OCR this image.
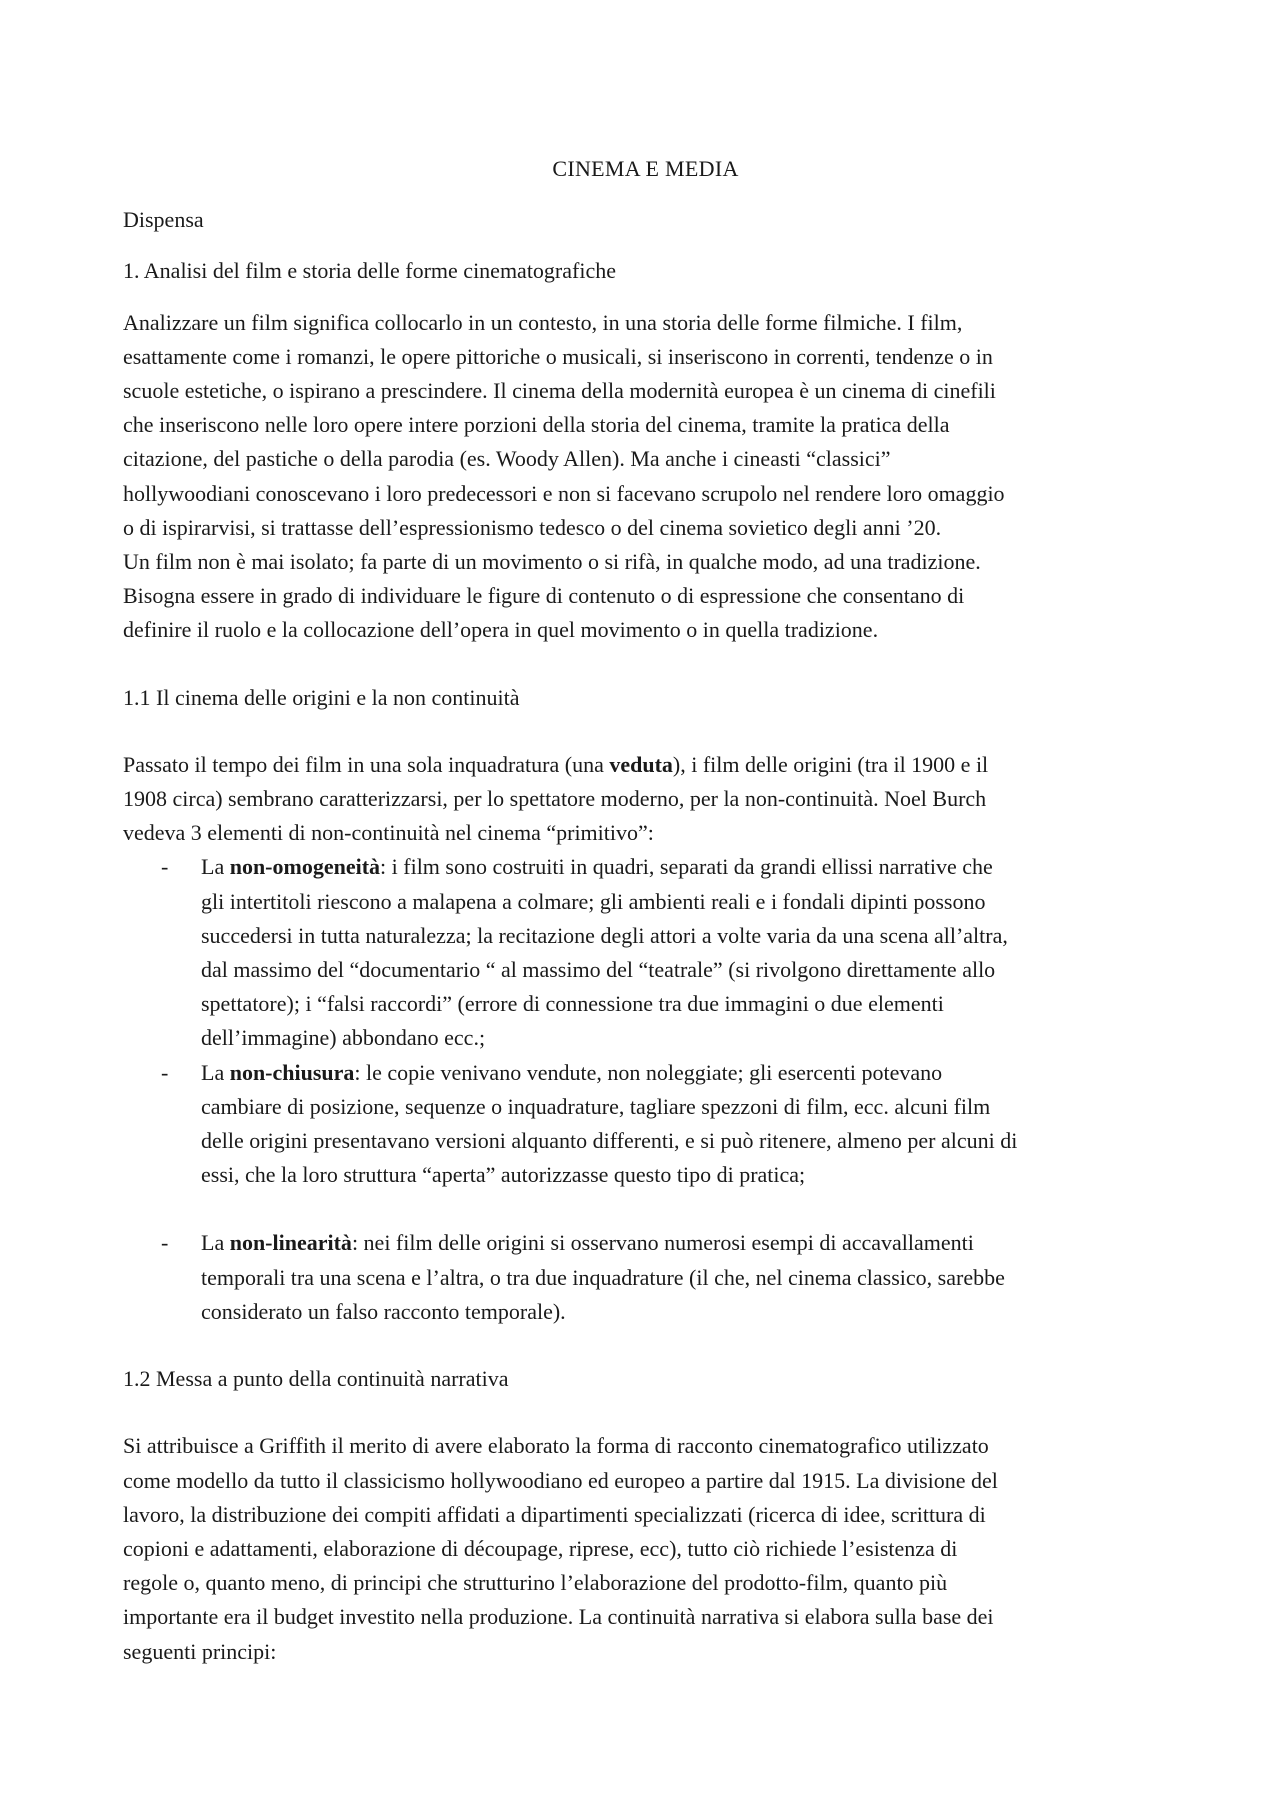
CINEMA E MEDIA
Dispensa
1. Analisi del film e storia delle forme cinematografiche
Analizzare un film significa collocarlo in un contesto, in una storia delle forme filmiche. I film,
esattamente come i romanzi, le opere pittoriche o musicali, si inseriscono in correnti, tendenze o in
scuole estetiche, o ispirano a prescindere. Il cinema della modernità europea è un cinema di cinefili
che inseriscono nelle loro opere intere porzioni della storia del cinema, tramite la pratica della
citazione, del pastiche o della parodia (es. Woody Allen). Ma anche i cineasti “classici”
hollywoodiani conoscevano i loro predecessori e non si facevano scrupolo nel rendere loro omaggio
o di ispirarvisi, si trattasse dell’espressionismo tedesco o del cinema sovietico degli anni ’20.
Un film non è mai isolato; fa parte di un movimento o si rifà, in qualche modo, ad una tradizione.
Bisogna essere in grado di individuare le figure di contenuto o di espressione che consentano di
definire il ruolo e la collocazione dell’opera in quel movimento o in quella tradizione.
1.1 Il cinema delle origini e la non continuità
Passato il tempo dei film in una sola inquadratura (una veduta), i film delle origini (tra il 1900 e il
1908 circa) sembrano caratterizzarsi, per lo spettatore moderno, per la non-continuità. Noel Burch
vedeva 3 elementi di non-continuità nel cinema “primitivo”:
- La non-omogeneità: i film sono costruiti in quadri, separati da grandi ellissi narrative che
gli intertitoli riescono a malapena a colmare; gli ambienti reali e i fondali dipinti possono
succedersi in tutta naturalezza; la recitazione degli attori a volte varia da una scena all’altra,
dal massimo del “documentario “ al massimo del “teatrale” (si rivolgono direttamente allo
spettatore); i “falsi raccordi” (errore di connessione tra due immagini o due elementi
dell’immagine) abbondano ecc.;
- La non-chiusura: le copie venivano vendute, non noleggiate; gli esercenti potevano
cambiare di posizione, sequenze o inquadrature, tagliare spezzoni di film, ecc. alcuni film
delle origini presentavano versioni alquanto differenti, e si può ritenere, almeno per alcuni di
essi, che la loro struttura “aperta” autorizzasse questo tipo di pratica;
- La non-linearità: nei film delle origini si osservano numerosi esempi di accavallamenti
temporali tra una scena e l’altra, o tra due inquadrature (il che, nel cinema classico, sarebbe
considerato un falso racconto temporale).
1.2 Messa a punto della continuità narrativa
Si attribuisce a Griffith il merito di avere elaborato la forma di racconto cinematografico utilizzato
come modello da tutto il classicismo hollywoodiano ed europeo a partire dal 1915. La divisione del
lavoro, la distribuzione dei compiti affidati a dipartimenti specializzati (ricerca di idee, scrittura di
copioni e adattamenti, elaborazione di découpage, riprese, ecc), tutto ciò richiede l’esistenza di
regole o, quanto meno, di principi che strutturino l’elaborazione del prodotto-film, quanto più
importante era il budget investito nella produzione. La continuità narrativa si elabora sulla base dei
seguenti principi:
